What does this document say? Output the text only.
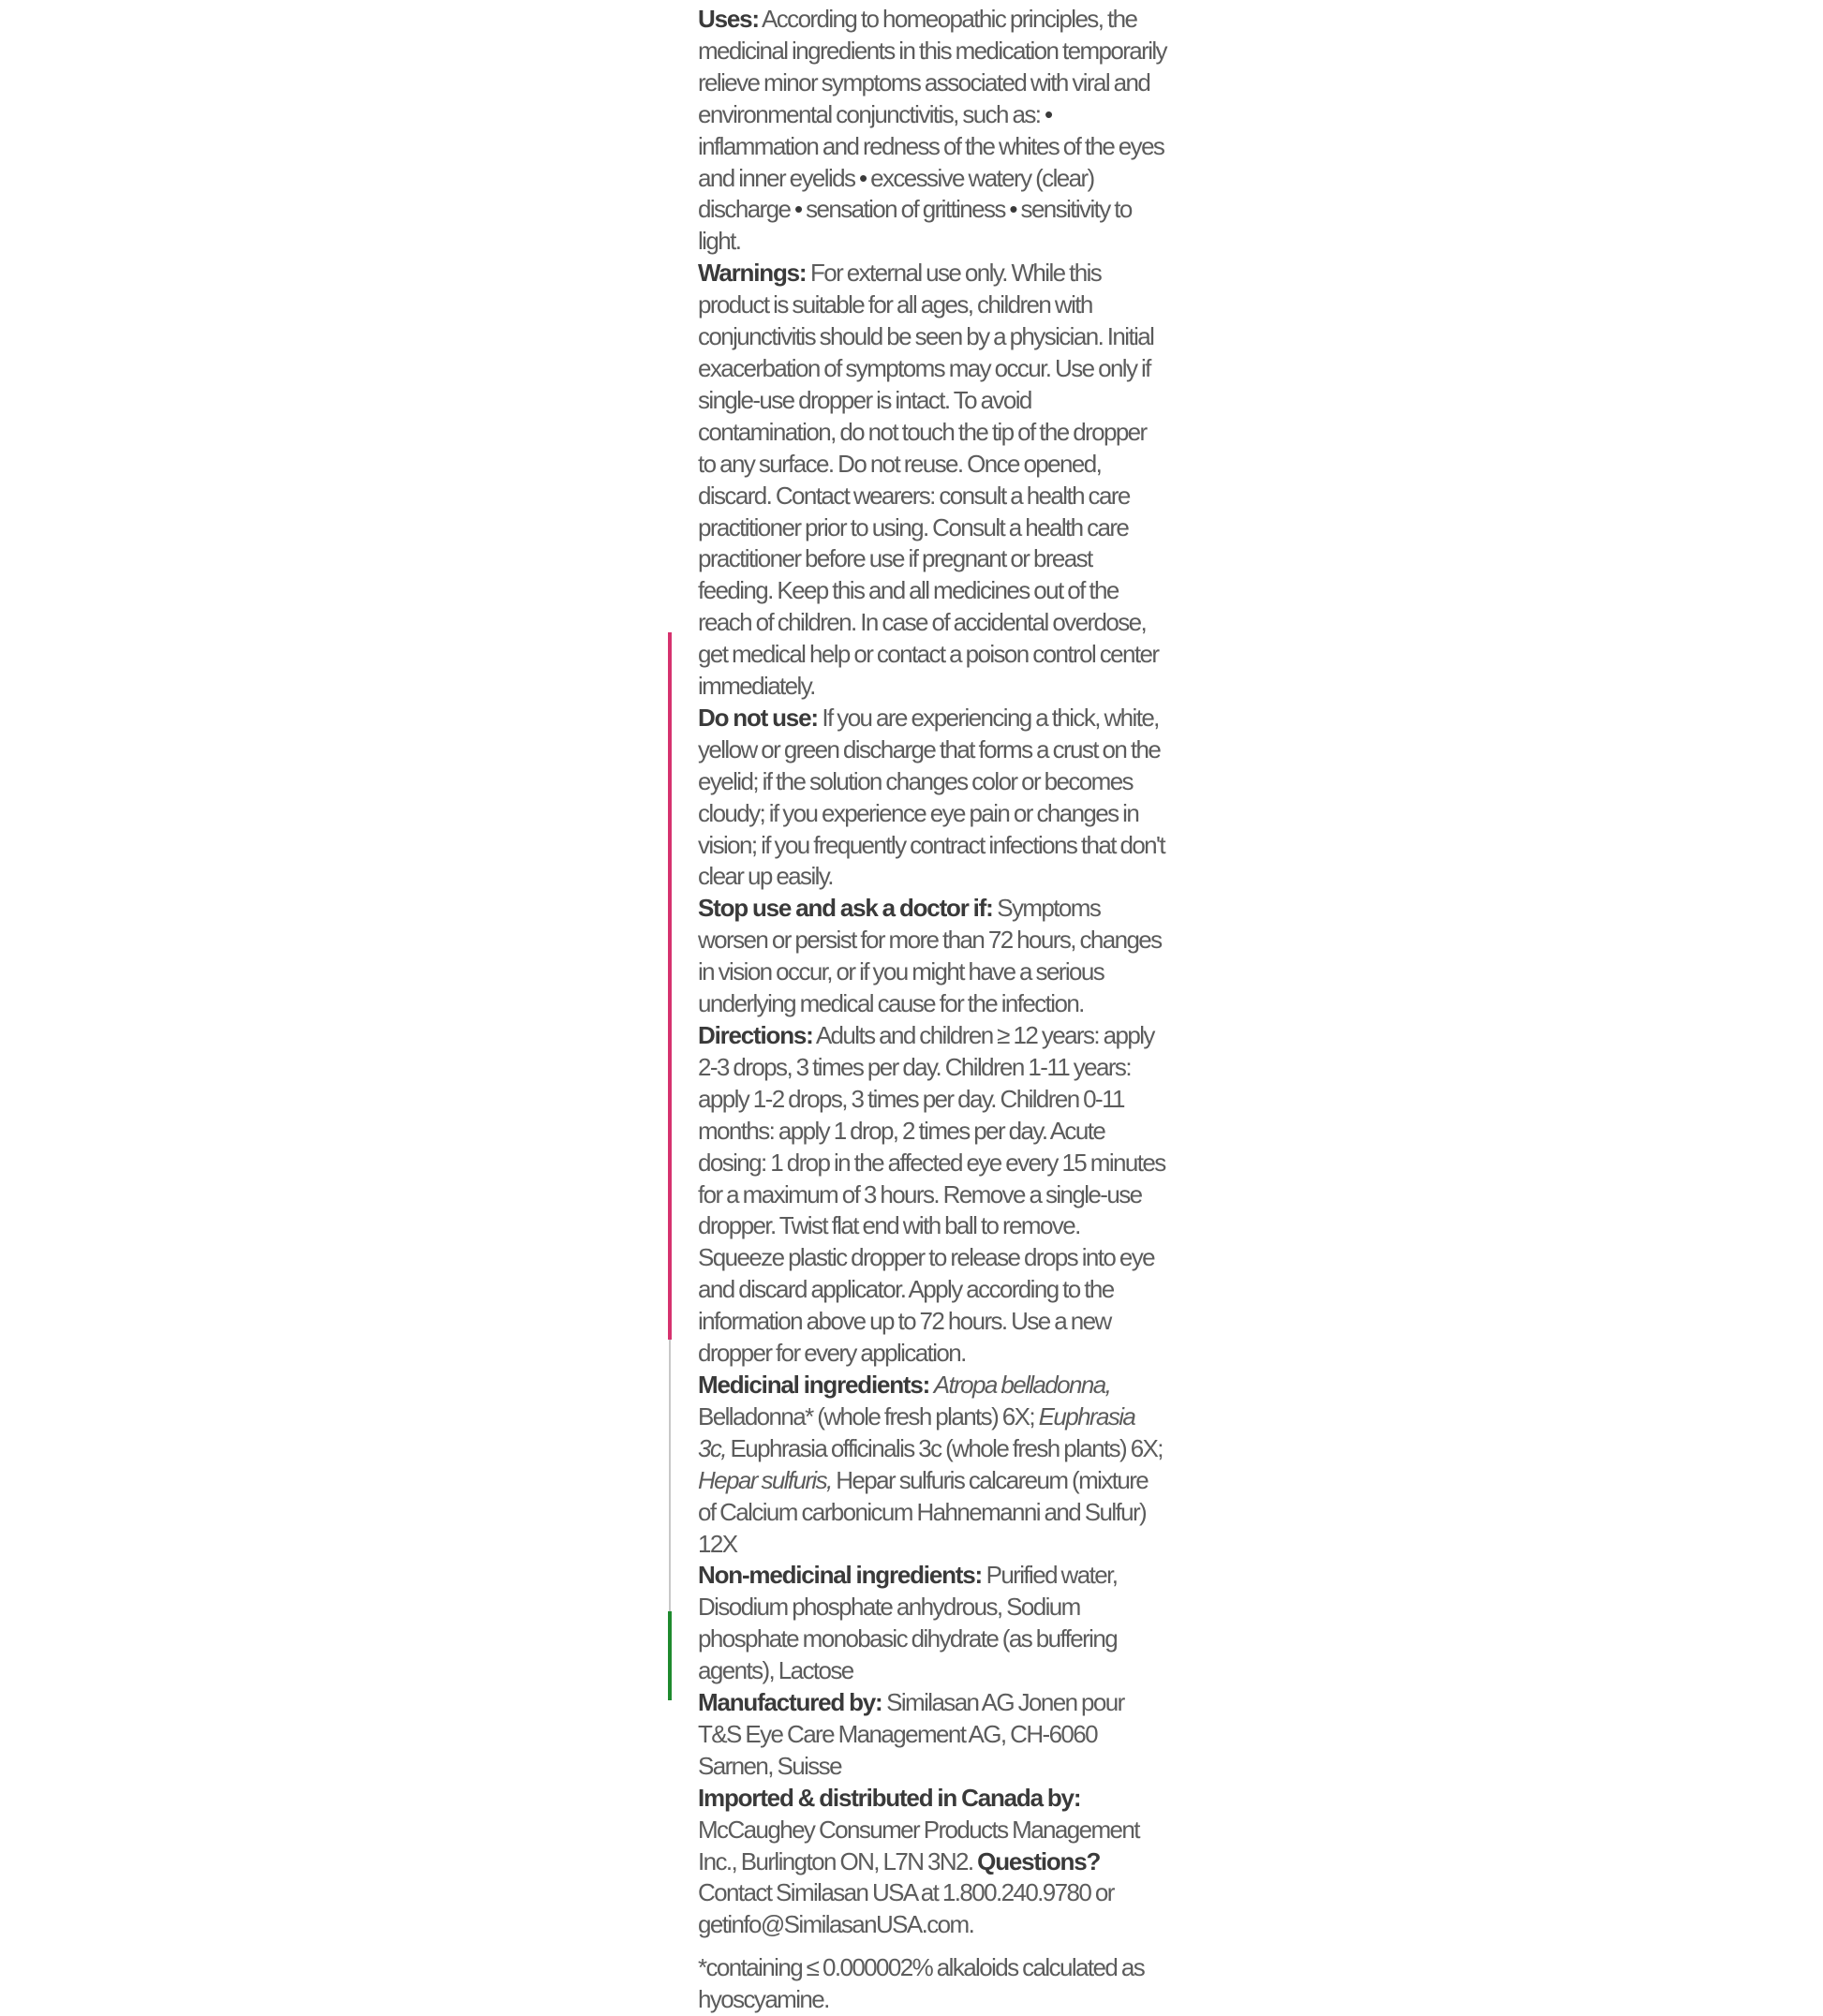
Uses: According to homeopathic principles, the medicinal ingredients in this medication temporarily relieve minor symptoms associated with viral and environmental conjunctivitis, such as: • inflammation and redness of the whites of the eyes and inner eyelids • excessive watery (clear) discharge • sensation of grittiness • sensitivity to light.

Warnings: For external use only. While this product is suitable for all ages, children with conjunctivitis should be seen by a physician. Initial exacerbation of symptoms may occur. Use only if single-use dropper is intact. To avoid contamination, do not touch the tip of the dropper to any surface. Do not reuse. Once opened, discard. Contact wearers: consult a health care practitioner prior to using. Consult a health care practitioner before use if pregnant or breast feeding. Keep this and all medicines out of the reach of children. In case of accidental overdose, get medical help or contact a poison control center immediately.

Do not use: If you are experiencing a thick, white, yellow or green discharge that forms a crust on the eyelid; if the solution changes color or becomes cloudy; if you experience eye pain or changes in vision; if you frequently contract infections that don't clear up easily.

Stop use and ask a doctor if: Symptoms worsen or persist for more than 72 hours, changes in vision occur, or if you might have a serious underlying medical cause for the infection.

Directions: Adults and children ≥ 12 years: apply 2-3 drops, 3 times per day. Children 1-11 years: apply 1-2 drops, 3 times per day. Children 0-11 months: apply 1 drop, 2 times per day. Acute dosing: 1 drop in the affected eye every 15 minutes for a maximum of 3 hours. Remove a single-use dropper. Twist flat end with ball to remove. Squeeze plastic dropper to release drops into eye and discard applicator. Apply according to the information above up to 72 hours. Use a new dropper for every application.

Medicinal ingredients: Atropa belladonna, Belladonna* (whole fresh plants) 6X; Euphrasia 3c, Euphrasia officinalis 3c (whole fresh plants) 6X; Hepar sulfuris, Hepar sulfuris calcareum (mixture of Calcium carbonicum Hahnemanni and Sulfur) 12X

Non-medicinal ingredients: Purified water, Disodium phosphate anhydrous, Sodium phosphate monobasic dihydrate (as buffering agents), Lactose

Manufactured by: Similasan AG Jonen pour T&S Eye Care Management AG, CH-6060 Sarnen, Suisse

Imported & distributed in Canada by: McCaughey Consumer Products Management Inc., Burlington ON, L7N 3N2. Questions? Contact Similasan USA at 1.800.240.9780 or getinfo@SimilasanUSA.com.

*containing ≤ 0.000002% alkaloids calculated as hyoscyamine.
